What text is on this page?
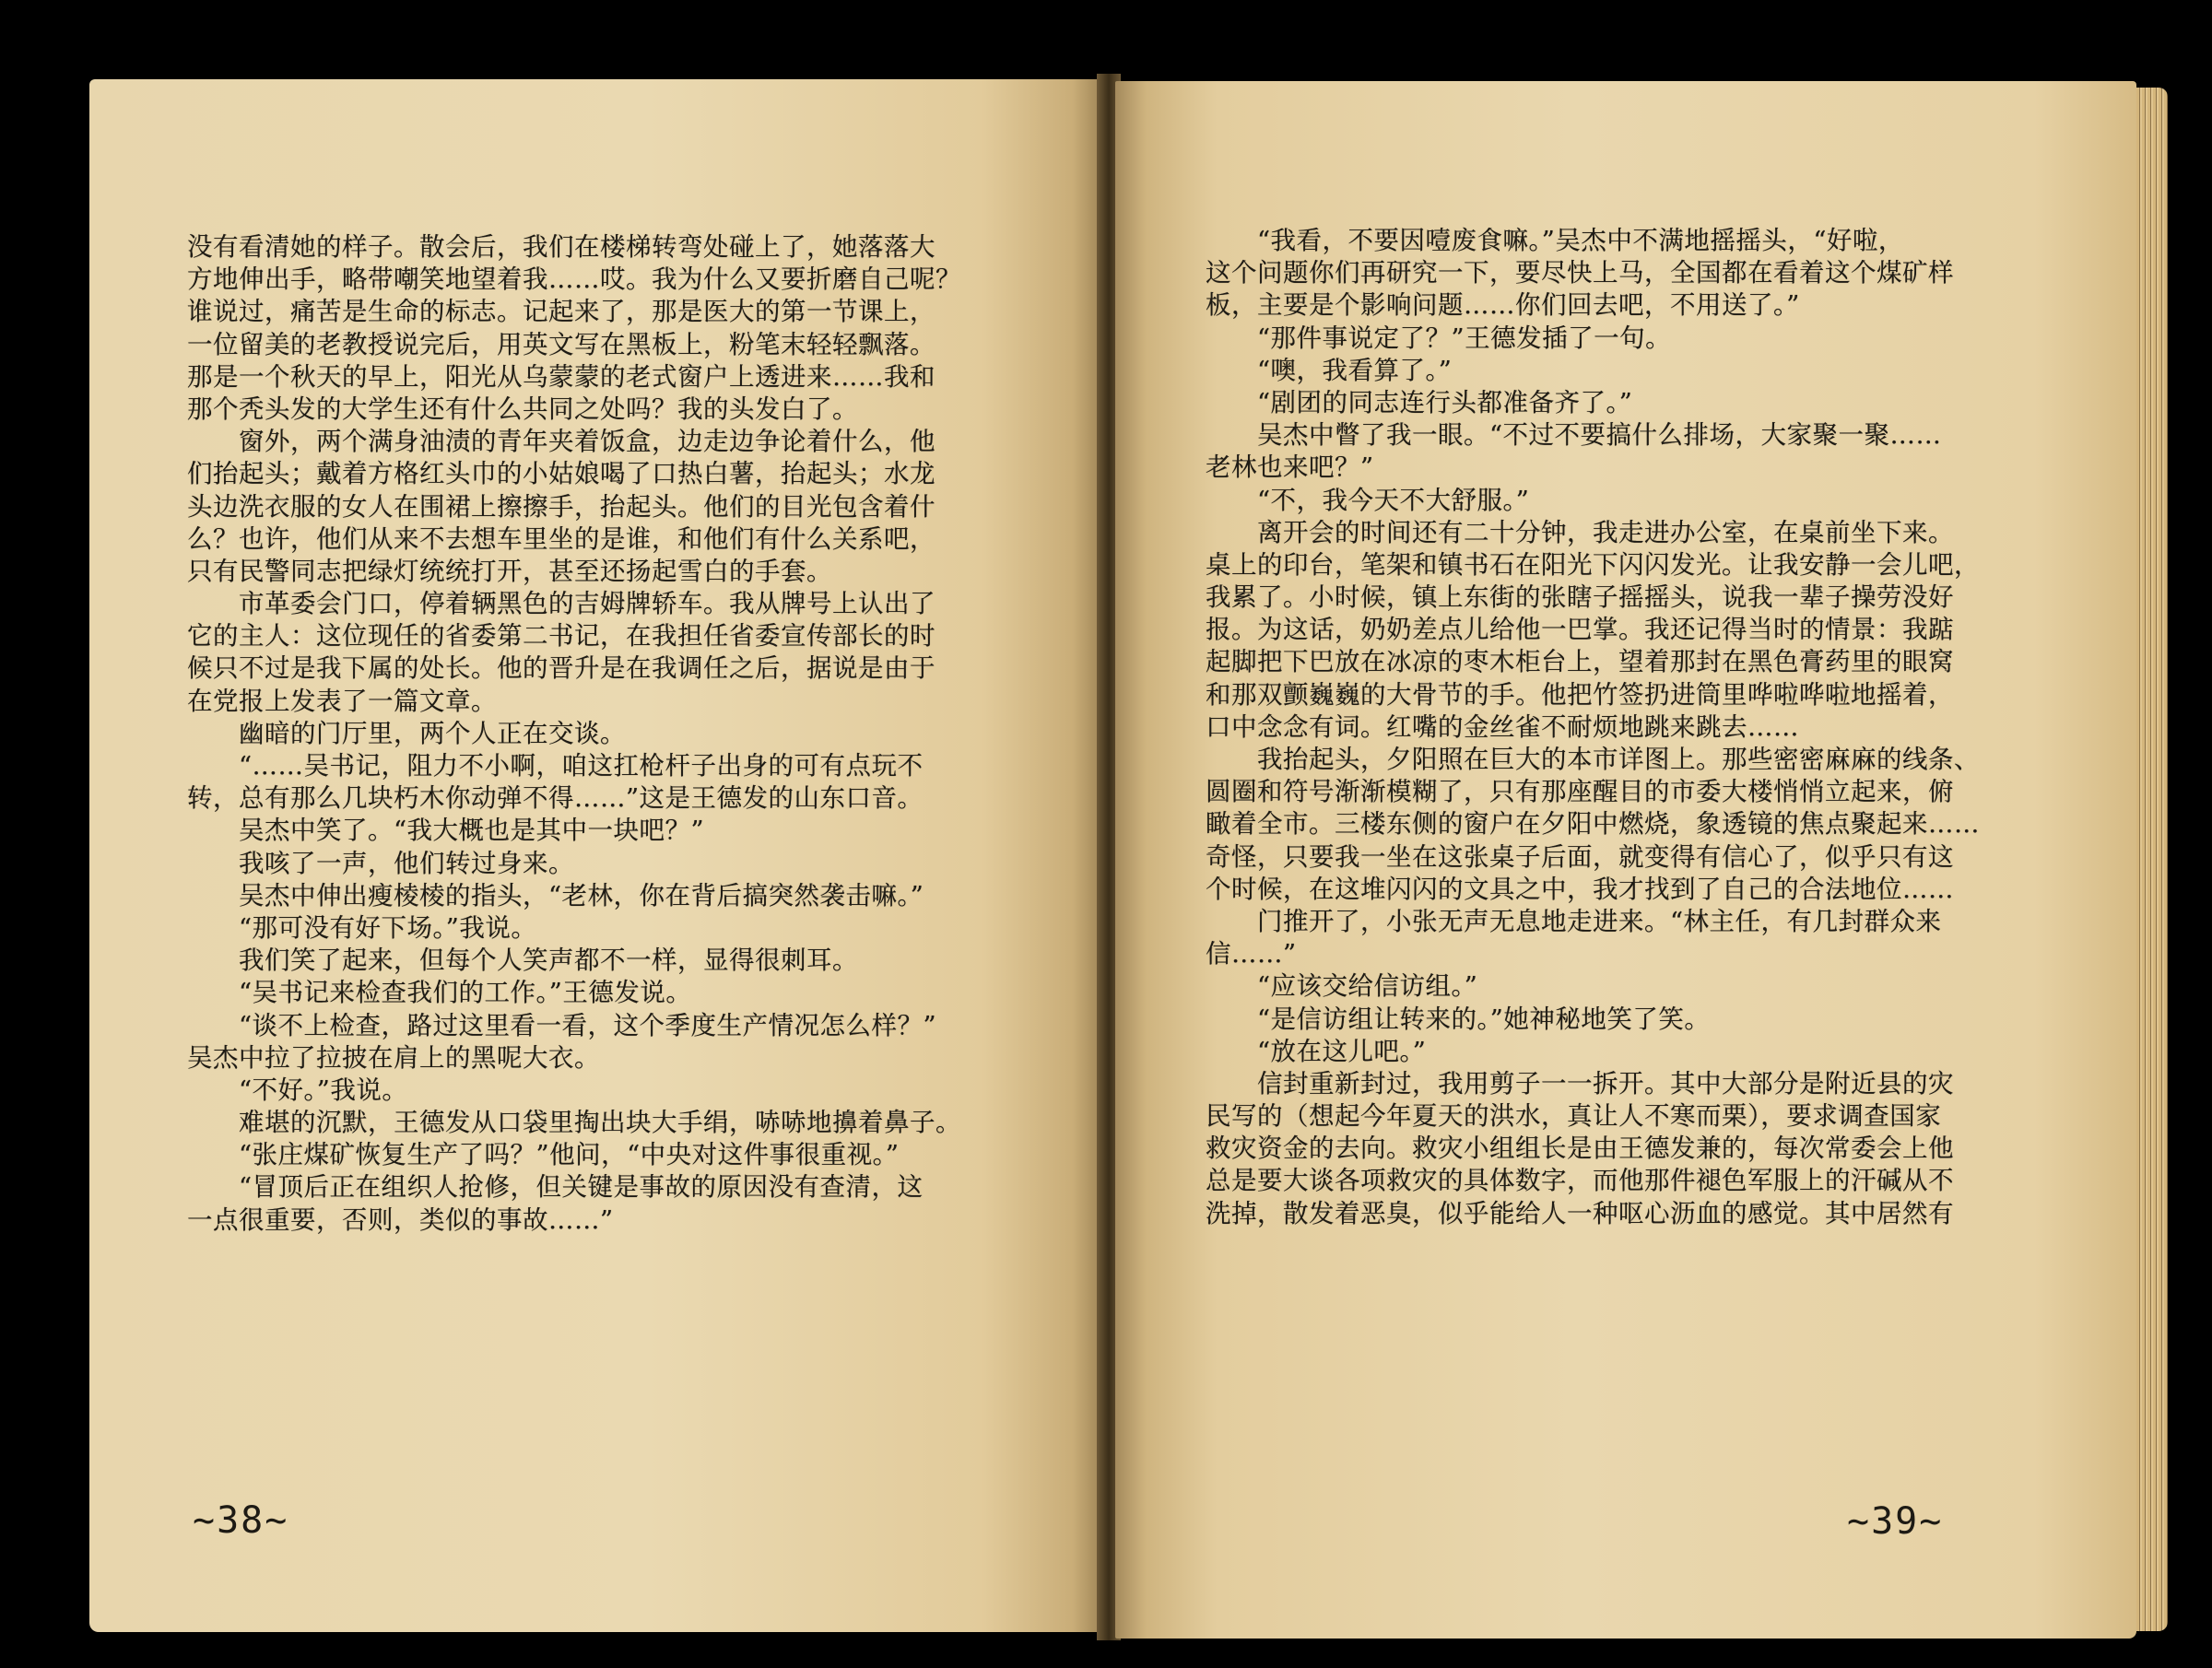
没有看清她的样子。散会后，我们在楼梯转弯处碰上了，她落落大
方地伸出手，略带嘲笑地望着我……哎。我为什么又要折磨自己呢？
谁说过，痛苦是生命的标志。记起来了，那是医大的第一节课上，
一位留美的老教授说完后，用英文写在黑板上，粉笔末轻轻飘落。
那是一个秋天的早上，阳光从乌蒙蒙的老式窗户上透进来……我和
那个秃头发的大学生还有什么共同之处吗？我的头发白了。
　　窗外，两个满身油渍的青年夹着饭盒，边走边争论着什么，他
们抬起头；戴着方格红头巾的小姑娘喝了口热白薯，抬起头；水龙
头边洗衣服的女人在围裙上擦擦手，抬起头。他们的目光包含着什
么？也许，他们从来不去想车里坐的是谁，和他们有什么关系吧，
只有民警同志把绿灯统统打开，甚至还扬起雪白的手套。
　　市革委会门口，停着辆黑色的吉姆牌轿车。我从牌号上认出了
它的主人：这位现任的省委第二书记，在我担任省委宣传部长的时
候只不过是我下属的处长。他的晋升是在我调任之后，据说是由于
在党报上发表了一篇文章。
　　幽暗的门厅里，两个人正在交谈。
　　“……吴书记，阻力不小啊，咱这扛枪杆子出身的可有点玩不
转，总有那么几块朽木你动弹不得……”这是王德发的山东口音。
　　吴杰中笑了。“我大概也是其中一块吧？”
　　我咳了一声，他们转过身来。
　　吴杰中伸出瘦棱棱的指头，“老林，你在背后搞突然袭击嘛。”
　　“那可没有好下场。”我说。
　　我们笑了起来，但每个人笑声都不一样，显得很刺耳。
　　“吴书记来检查我们的工作。”王德发说。
　　“谈不上检查，路过这里看一看，这个季度生产情况怎么样？”
吴杰中拉了拉披在肩上的黑呢大衣。
　　“不好。”我说。
　　难堪的沉默，王德发从口袋里掏出块大手绢，哧哧地擤着鼻子。
　　“张庄煤矿恢复生产了吗？”他问，“中央对这件事很重视。”
　　“冒顶后正在组织人抢修，但关键是事故的原因没有查清，这
一点很重要，否则，类似的事故……”
~38~
　　“我看，不要因噎废食嘛。”吴杰中不满地摇摇头，“好啦，
这个问题你们再研究一下，要尽快上马，全国都在看着这个煤矿样
板，主要是个影响问题……你们回去吧，不用送了。”
　　“那件事说定了？”王德发插了一句。
　　“噢，我看算了。”
　　“剧团的同志连行头都准备齐了。”
　　吴杰中瞥了我一眼。“不过不要搞什么排场，大家聚一聚……
老林也来吧？”
　　“不，我今天不大舒服。”
　　离开会的时间还有二十分钟，我走进办公室，在桌前坐下来。
桌上的印台，笔架和镇书石在阳光下闪闪发光。让我安静一会儿吧，
我累了。小时候，镇上东街的张瞎子摇摇头，说我一辈子操劳没好
报。为这话，奶奶差点儿给他一巴掌。我还记得当时的情景：我踮
起脚把下巴放在冰凉的枣木柜台上，望着那封在黑色膏药里的眼窝
和那双颤巍巍的大骨节的手。他把竹签扔进筒里哗啦哗啦地摇着，
口中念念有词。红嘴的金丝雀不耐烦地跳来跳去……
　　我抬起头，夕阳照在巨大的本市详图上。那些密密麻麻的线条、
圆圈和符号渐渐模糊了，只有那座醒目的市委大楼悄悄立起来，俯
瞰着全市。三楼东侧的窗户在夕阳中燃烧，象透镜的焦点聚起来……
奇怪，只要我一坐在这张桌子后面，就变得有信心了，似乎只有这
个时候，在这堆闪闪的文具之中，我才找到了自己的合法地位……
　　门推开了，小张无声无息地走进来。“林主任，有几封群众来
信……”
　　“应该交给信访组。”
　　“是信访组让转来的。”她神秘地笑了笑。
　　“放在这儿吧。”
　　信封重新封过，我用剪子一一拆开。其中大部分是附近县的灾
民写的（想起今年夏天的洪水，真让人不寒而栗），要求调查国家
救灾资金的去向。救灾小组组长是由王德发兼的，每次常委会上他
总是要大谈各项救灾的具体数字，而他那件褪色军服上的汗碱从不
洗掉，散发着恶臭，似乎能给人一种呕心沥血的感觉。其中居然有
~39~
